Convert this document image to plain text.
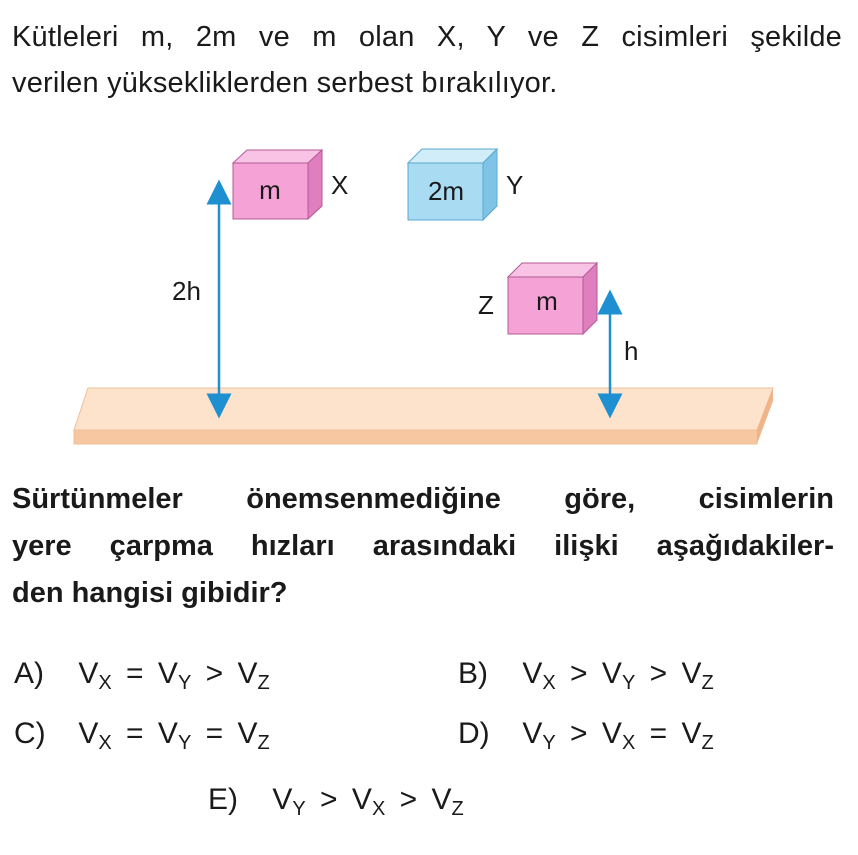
Kütleleri m, 2m ve m olan X, Y ve Z cisimleri şekilde
verilen yüksekliklerden serbest bırakılıyor.
2h
h
m X	2m Y
m
Z
Sürtünmeler önemsenmediğine göre, cisimlerin
yere çarpma hızları arasındaki ilişki aşağıdakiler-
den hangisi gibidir?
A) $V_X = V_Y > V_Z$	B) $V_X > V_Y > V_Z$
C) $V_X = V_Y = V_Z$	D) $V_Y > V_X = V_Z$
E) $V_Y > V_X > V_Z$
